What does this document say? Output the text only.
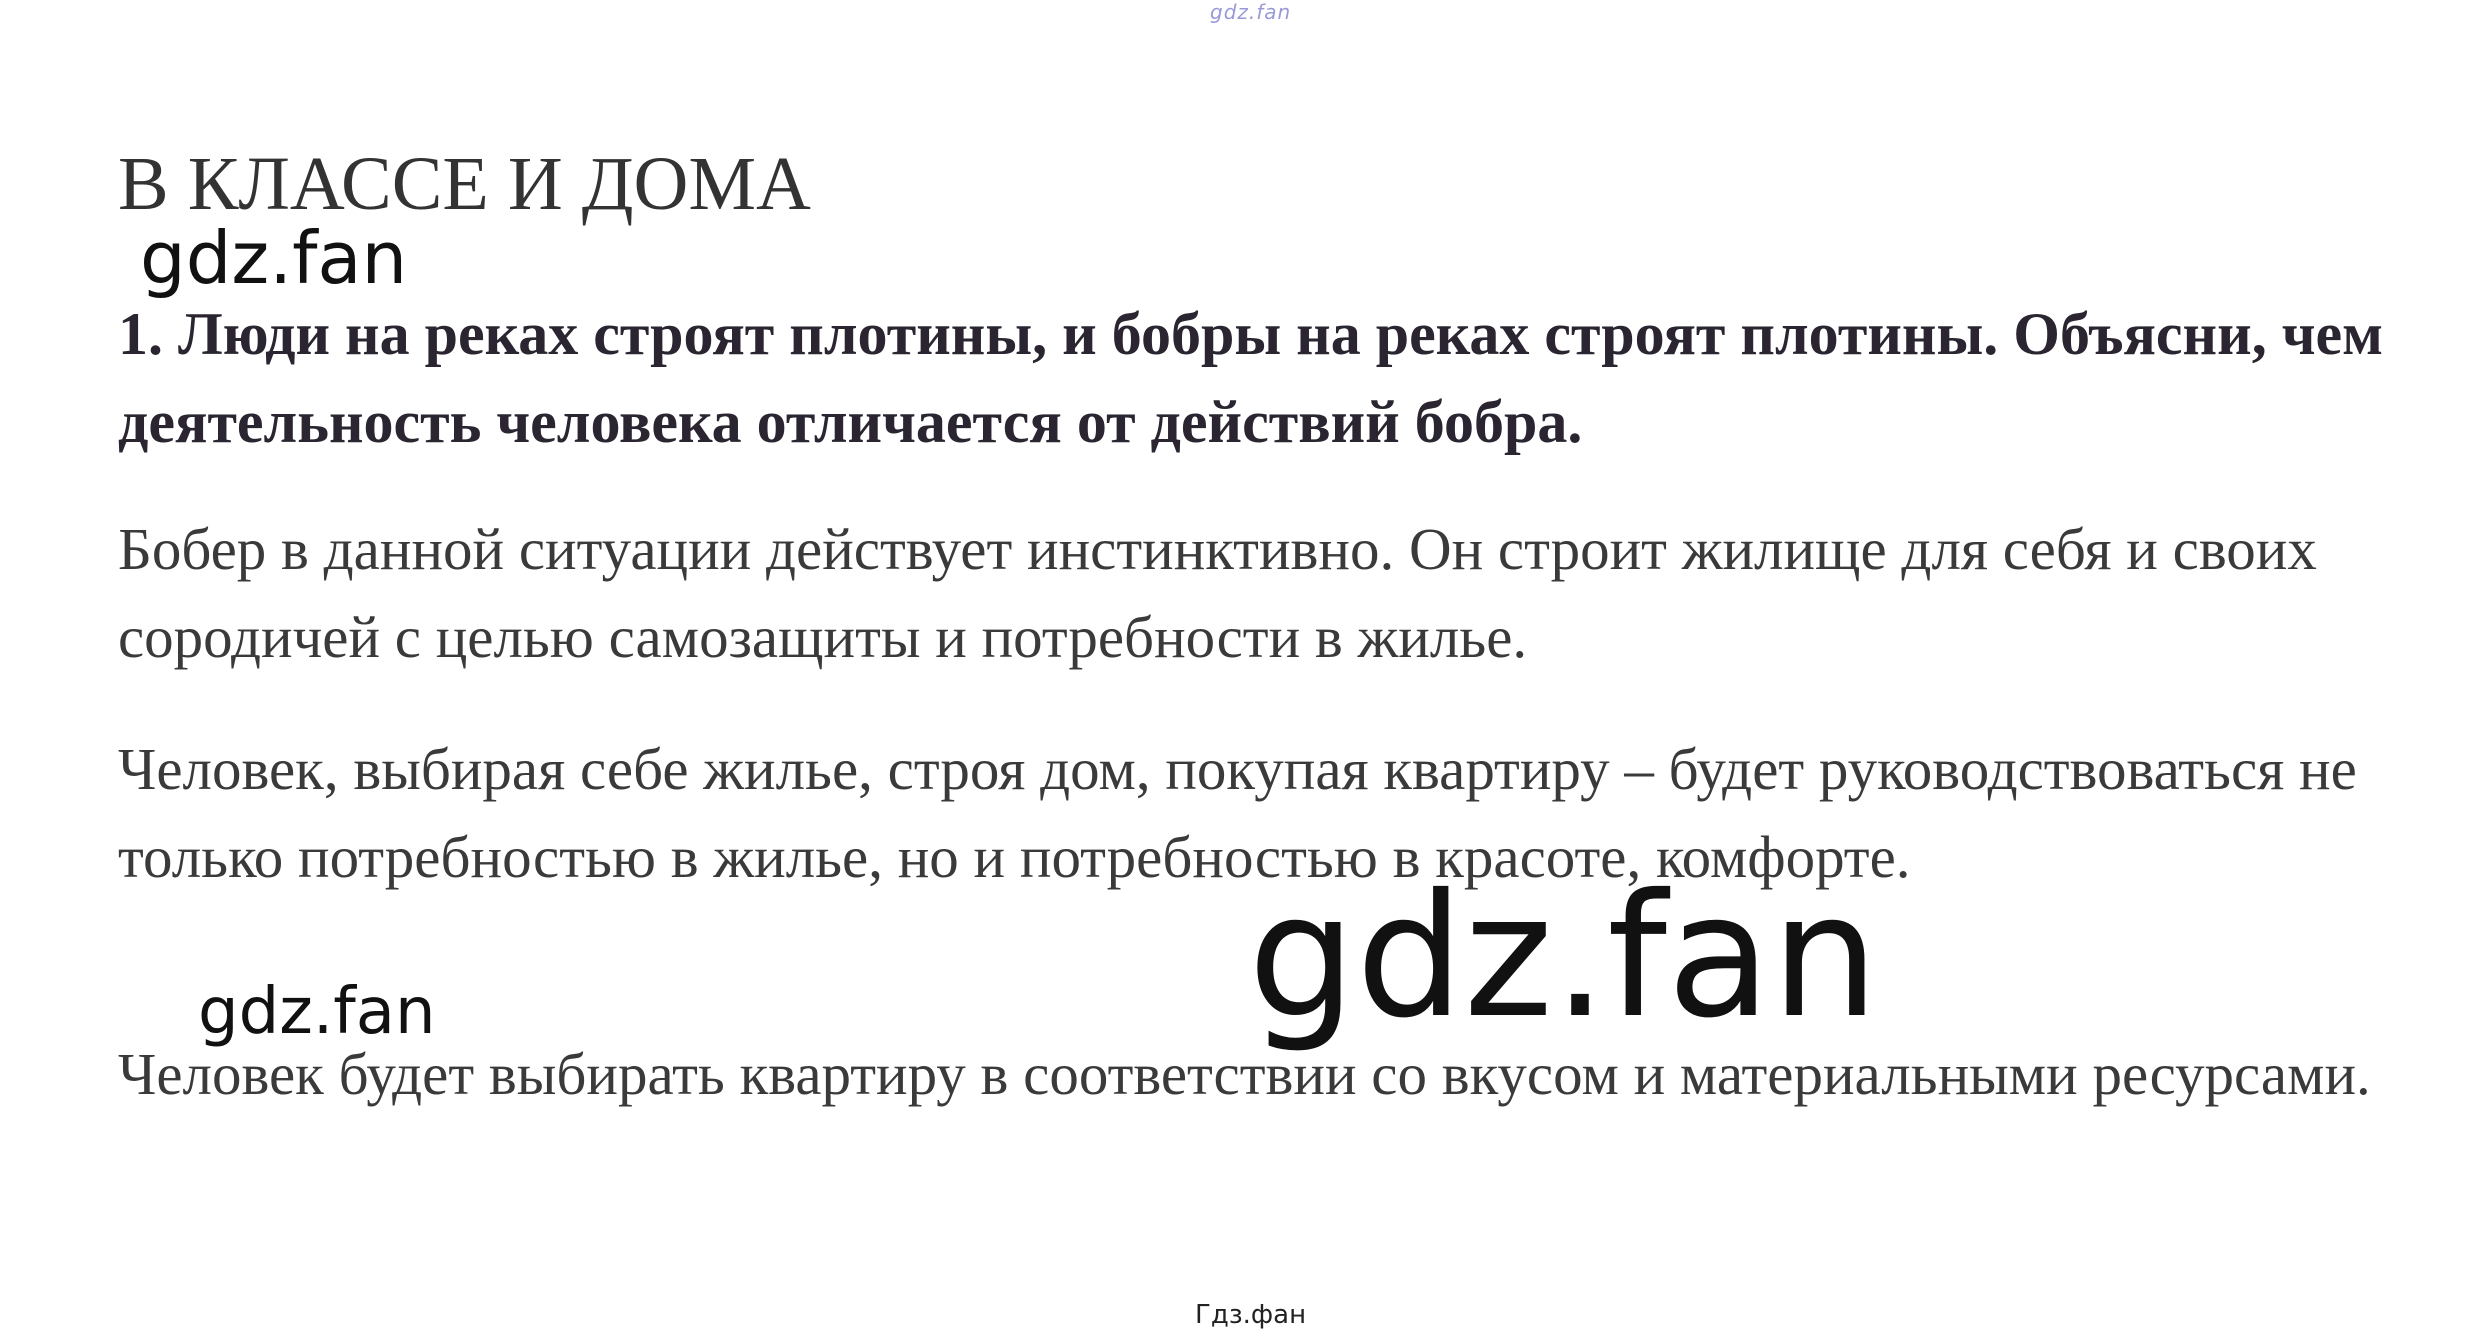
gdz.fan
В КЛАССЕ И ДОМА
gdz.fan
1. Люди на реках строят плотины, и бобры на реках строят плотины. Объясни, чем деятельность человека отличается от действий бобра.
Бобер в данной ситуации действует инстинктивно. Он строит жилище для себя и своих сородичей с целью самозащиты и потребности в жилье.
Человек, выбирая себе жилье, строя дом, покупая квартиру – будет руководствоваться не только потребностью в жилье, но и потребностью в красоте, комфорте.
gdz.fan
gdz.fan
Человек будет выбирать квартиру в соответствии со вкусом и материальными ресурсами.
Гдз.фан
